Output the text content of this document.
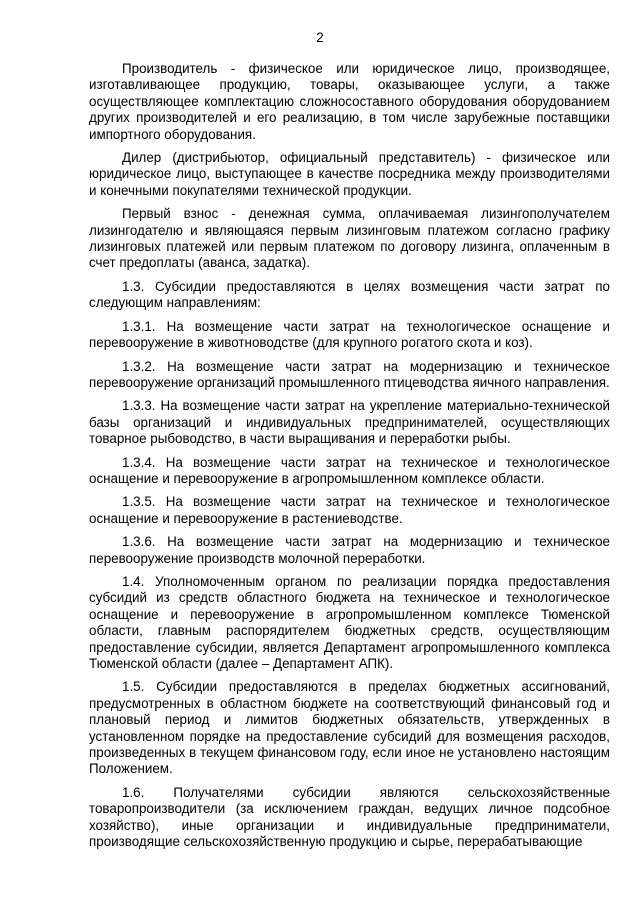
2

Производитель - физическое или юридическое лицо, производящее, изготавливающее продукцию, товары, оказывающее услуги, а также осуществляющее комплектацию сложносоставного оборудования оборудованием других производителей и его реализацию, в том числе зарубежные поставщики импортного оборудования.

Дилер (дистрибьютор, официальный представитель) - физическое или юридическое лицо, выступающее в качестве посредника между производителями и конечными покупателями технической продукции.

Первый взнос - денежная сумма, оплачиваемая лизингополучателем лизингодателю и являющаяся первым лизинговым платежом согласно графику лизинговых платежей или первым платежом по договору лизинга, оплаченным в счет предоплаты (аванса, задатка).

1.3. Субсидии предоставляются в целях возмещения части затрат по следующим направлениям:

1.3.1. На возмещение части затрат на технологическое оснащение и перевооружение в животноводстве (для крупного рогатого скота и коз).

1.3.2. На возмещение части затрат на модернизацию и техническое перевооружение организаций промышленного птицеводства яичного направления.

1.3.3. На возмещение части затрат на укрепление материально-технической базы организаций и индивидуальных предпринимателей, осуществляющих товарное рыбоводство, в части выращивания и переработки рыбы.

1.3.4. На возмещение части затрат на техническое и технологическое оснащение и перевооружение в агропромышленном комплексе области.

1.3.5. На возмещение части затрат на техническое и технологическое оснащение и перевооружение в растениеводстве.

1.3.6. На возмещение части затрат на модернизацию и техническое перевооружение производств молочной переработки.

1.4. Уполномоченным органом по реализации порядка предоставления субсидий из средств областного бюджета на техническое и технологическое оснащение и перевооружение в агропромышленном комплексе Тюменской области, главным распорядителем бюджетных средств, осуществляющим предоставление субсидии, является Департамент агропромышленного комплекса Тюменской области (далее – Департамент АПК).

1.5. Субсидии предоставляются в пределах бюджетных ассигнований, предусмотренных в областном бюджете на соответствующий финансовый год и плановый период и лимитов бюджетных обязательств, утвержденных в установленном порядке на предоставление субсидий для возмещения расходов, произведенных в текущем финансовом году, если иное не установлено настоящим Положением.

1.6. Получателями субсидии являются сельскохозяйственные товаропроизводители (за исключением граждан, ведущих личное подсобное хозяйство), иные организации и индивидуальные предприниматели, производящие сельскохозяйственную продукцию и сырье, перерабатывающие
